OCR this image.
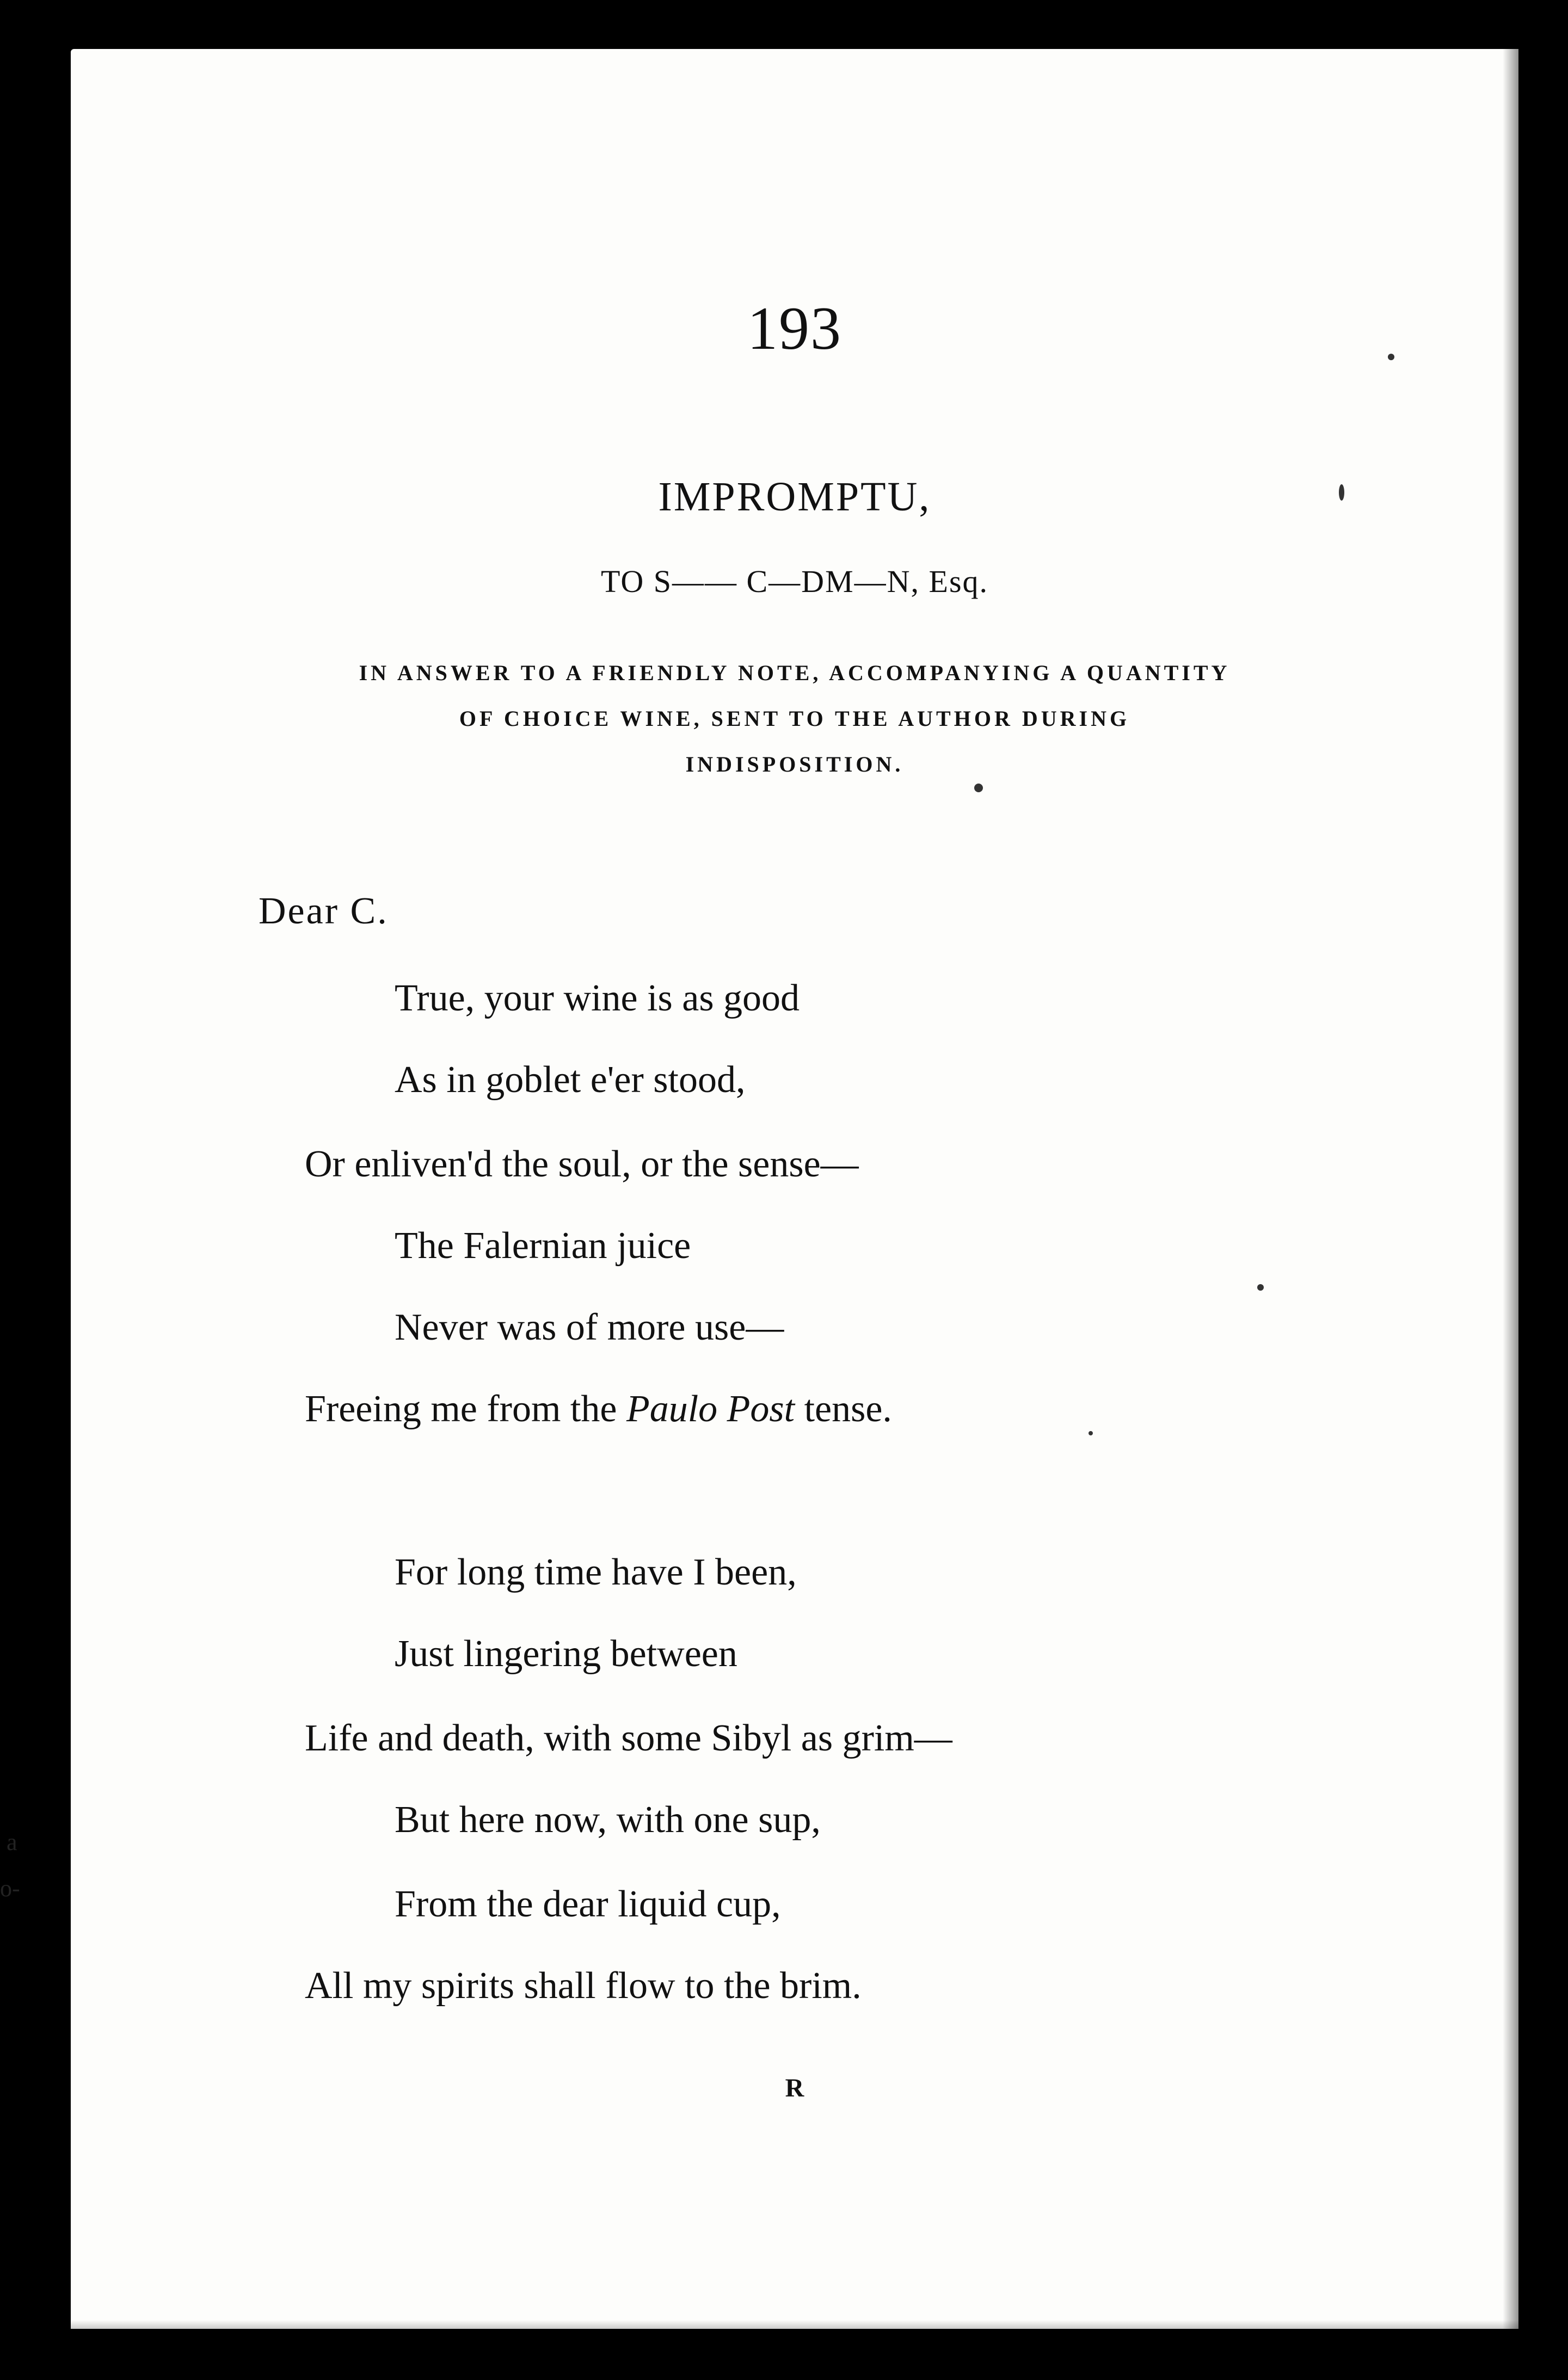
193
IMPROMPTU,
TO S—— C—DM—N, Esq.
IN ANSWER TO A FRIENDLY NOTE, ACCOMPANYING A QUANTITY
OF CHOICE WINE, SENT TO THE AUTHOR DURING
INDISPOSITION.
Dear C.
True, your wine is as good
As in goblet e'er stood,
Or enliven'd the soul, or the sense—
The Falernian juice
Never was of more use—
Freeing me from the Paulo Post tense.
For long time have I been,
Just lingering between
Life and death, with some Sibyl as grim—
But here now, with one sup,
From the dear liquid cup,
All my spirits shall flow to the brim.
R
a
o-
